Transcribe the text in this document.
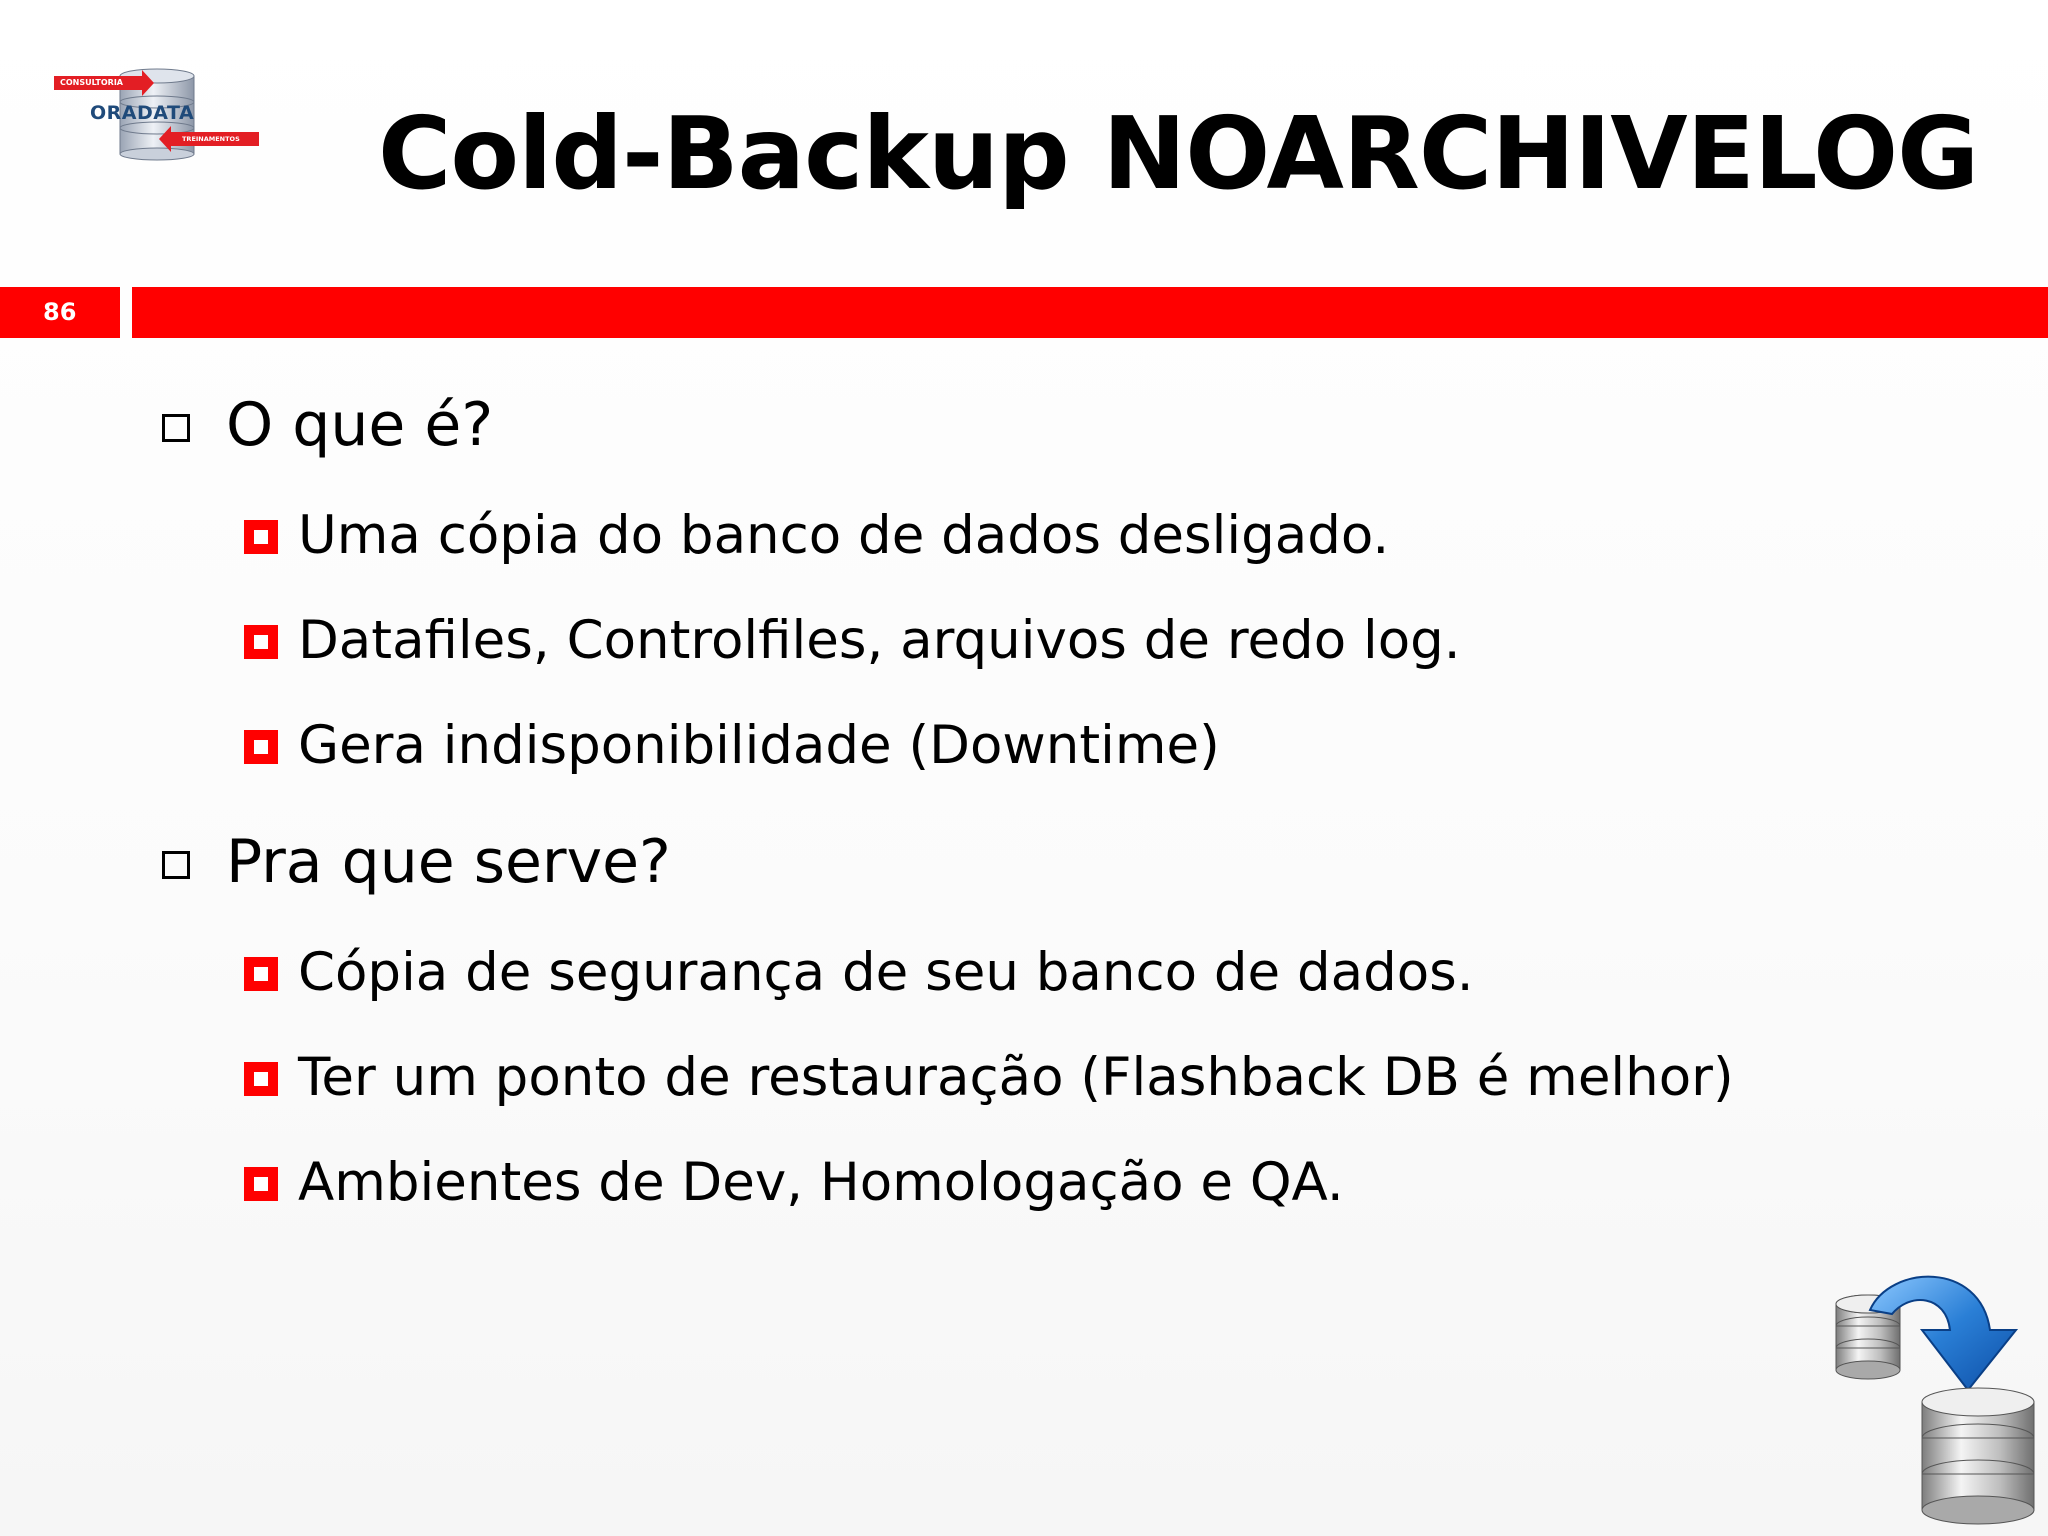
CONSULTORIA
ORADATA
TREINAMENTOS Cold-Backup NOARCHIVELOG
86
O que é?
Uma cópia do banco de dados desligado.
Datafiles, Controlfiles, arquivos de redo log.
Gera indisponibilidade (Downtime)
Pra que serve?
Cópia de segurança de seu banco de dados.
Ter um ponto de restauração (Flashback DB é melhor)
Ambientes de Dev, Homologação e QA.
